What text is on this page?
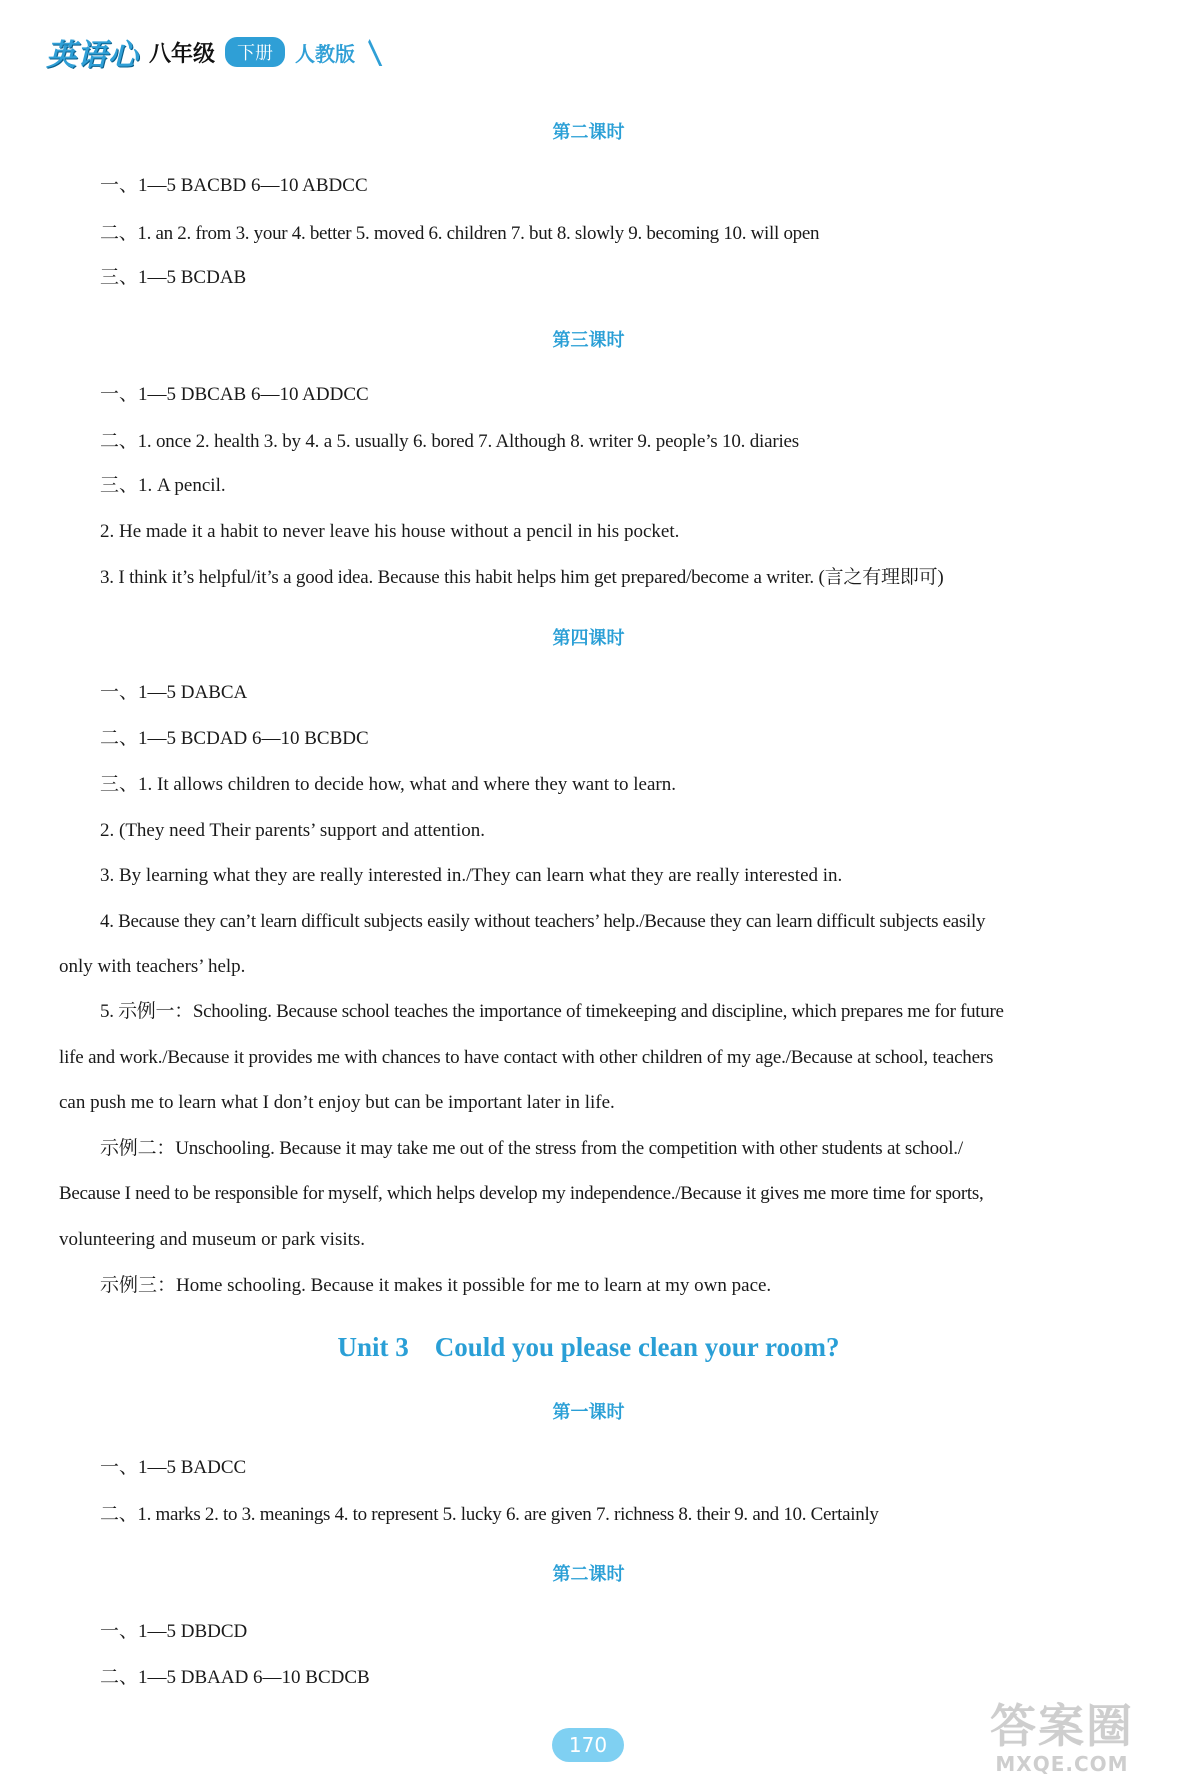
英语心 八年级	下册	人教版
第二课时
一、1—5 BACBD 6—10 ABDCC
二、1. an 2. from 3. your 4. better 5. moved 6. children 7. but 8. slowly 9. becoming 10. will open
三、1—5 BCDAB
第三课时
一、1—5 DBCAB 6—10 ADDCC
二、1. once 2. health 3. by 4. a 5. usually 6. bored 7. Although 8. writer 9. people’s 10. diaries
三、1. A pencil.
2. He made it a habit to never leave his house without a pencil in his pocket.
3. I think it’s helpful/it’s a good idea. Because this habit helps him get prepared/become a writer. (言之有理即可)
第四课时
一、1—5 DABCA
二、1—5 BCDAD 6—10 BCBDC
三、1. It allows children to decide how, what and where they want to learn.
2. (They need Their parents’ support and attention.
3. By learning what they are really interested in./They can learn what they are really interested in.
4. Because they can’t learn difficult subjects easily without teachers’ help./Because they can learn difficult subjects easily
only with teachers’ help.
5. 示例一：Schooling. Because school teaches the importance of timekeeping and discipline, which prepares me for future
life and work./Because it provides me with chances to have contact with other children of my age./Because at school, teachers
can push me to learn what I don’t enjoy but can be important later in life.
示例二：Unschooling. Because it may take me out of the stress from the competition with other students at school./
Because I need to be responsible for myself, which helps develop my independence./Because it gives me more time for sports,
volunteering and museum or park visits.
示例三：Home schooling. Because it makes it possible for me to learn at my own pace.
Unit 3 Could you please clean your room?
第一课时
一、1—5 BADCC
二、1. marks 2. to 3. meanings 4. to represent 5. lucky 6. are given 7. richness 8. their 9. and 10. Certainly
第二课时
一、1—5 DBDCD
二、1—5 DBAAD 6—10 BCDCB
170	答案圈
MXQE.COM
